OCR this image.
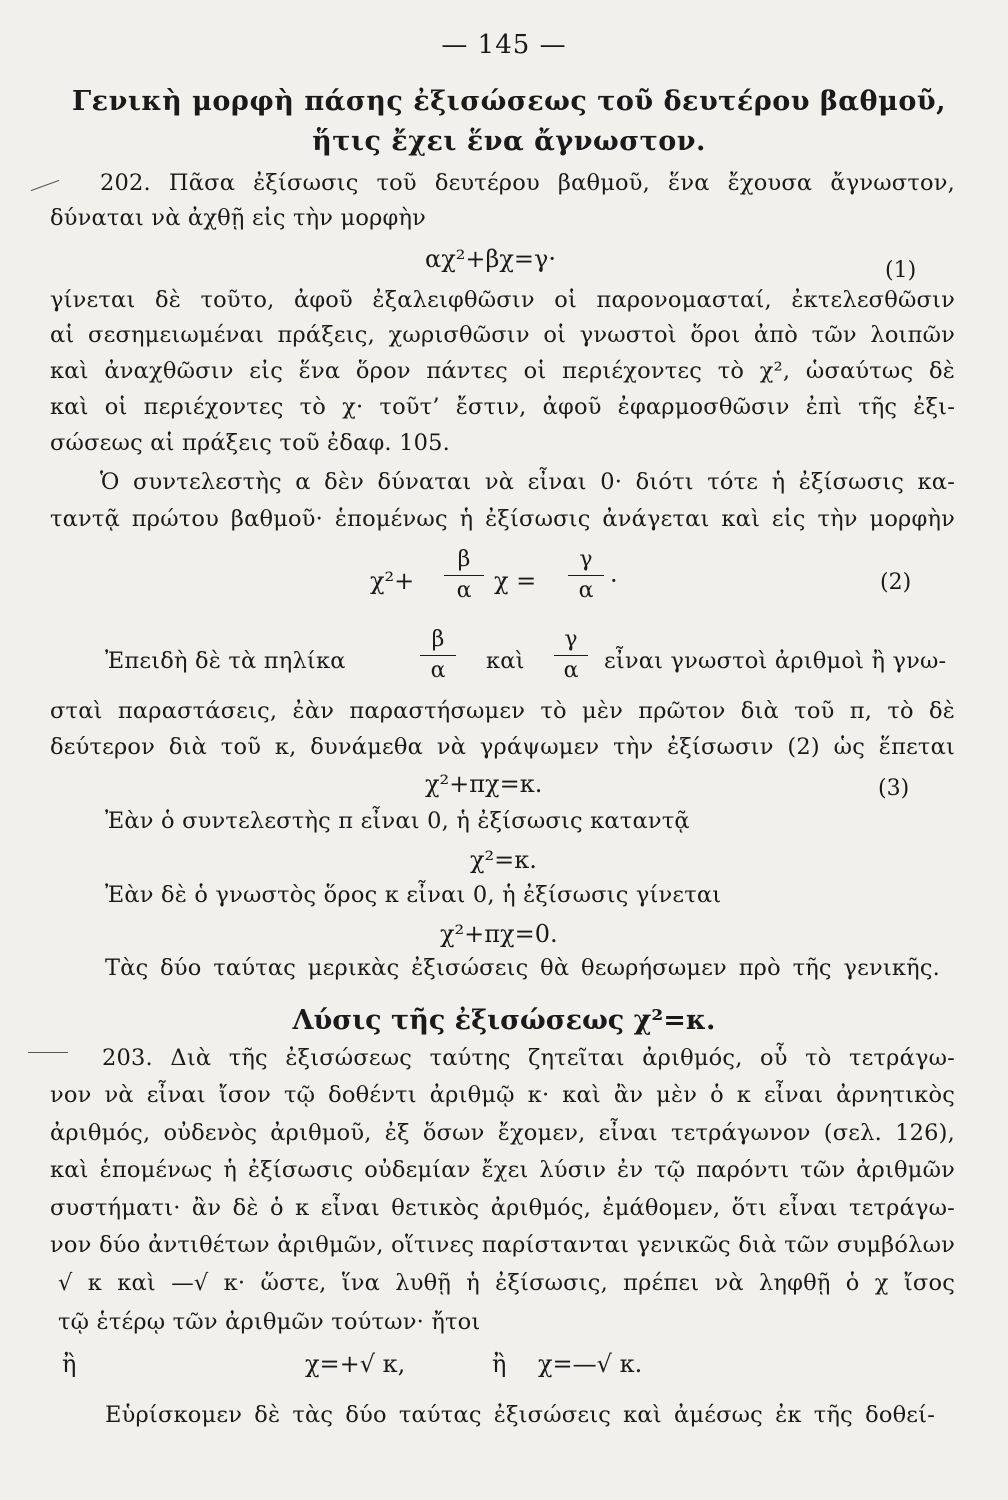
— 145 —
Γενικὴ μορφὴ πάσης ἐξισώσεως τοῦ δευτέρου βαθμοῦ,
ἥτις ἔχει ἕνα ἄγνωστον.
202. Πᾶσα ἐξίσωσις τοῦ δευτέρου βαθμοῦ, ἕνα ἔχουσα ἄγνωστον,
δύναται νὰ ἀχθῇ εἰς τὴν μορφὴν
αχ²+βχ=γ·	(1)
γίνεται δὲ τοῦτο, ἀφοῦ ἐξαλειφθῶσιν οἱ παρονομασταί, ἐκτελεσθῶσιν
αἱ σεσημειωμέναι πράξεις, χωρισθῶσιν οἱ γνωστοὶ ὅροι ἀπὸ τῶν λοιπῶν
καὶ ἀναχθῶσιν εἰς ἕνα ὅρον πάντες οἱ περιέχοντες τὸ χ², ὡσαύτως δὲ
καὶ οἱ περιέχοντες τὸ χ· τοῦτ’ ἔστιν, ἀφοῦ ἐφαρμοσθῶσιν ἐπὶ τῆς ἐξι-
σώσεως αἱ πράξεις τοῦ ἐδαφ. 105.
Ὁ συντελεστὴς α δὲν δύναται νὰ εἶναι 0· διότι τότε ἡ ἐξίσωσις κα-
ταντᾷ πρώτου βαθμοῦ· ἑπομένως ἡ ἐξίσωσις ἀνάγεται καὶ εἰς τὴν μορφὴν
χ²+
β
α χ =
γ
α ·	(2)
Ἐπειδὴ δὲ τὰ πηλίκα
β
α	καὶ
γ
α	εἶναι γνωστοὶ ἀριθμοὶ ἢ γνω-
σταὶ παραστάσεις, ἐὰν παραστήσωμεν τὸ μὲν πρῶτον διὰ τοῦ π, τὸ δὲ
δεύτερον διὰ τοῦ κ, δυνάμεθα νὰ γράψωμεν τὴν ἐξίσωσιν (2) ὡς ἕπεται
χ²+πχ=κ.	(3)
Ἐὰν ὁ συντελεστὴς π εἶναι 0, ἡ ἐξίσωσις καταντᾷ
χ²=κ.
Ἐὰν δὲ ὁ γνωστὸς ὅρος κ εἶναι 0, ἡ ἐξίσωσις γίνεται
χ²+πχ=0.
Τὰς δύο ταύτας μερικὰς ἐξισώσεις θὰ θεωρήσωμεν πρὸ τῆς γενικῆς.
Λύσις τῆς ἐξισώσεως χ²=κ.
203. Διὰ τῆς ἐξισώσεως ταύτης ζητεῖται ἀριθμός, οὗ τὸ τετράγω-
νον νὰ εἶναι ἴσον τῷ δοθέντι ἀριθμῷ κ· καὶ ἂν μὲν ὁ κ εἶναι ἀρνητικὸς
ἀριθμός, οὐδενὸς ἀριθμοῦ, ἐξ ὅσων ἔχομεν, εἶναι τετράγωνον (σελ. 126),
καὶ ἑπομένως ἡ ἐξίσωσις οὐδεμίαν ἔχει λύσιν ἐν τῷ παρόντι τῶν ἀριθμῶν
συστήματι· ἂν δὲ ὁ κ εἶναι θετικὸς ἀριθμός, ἐμάθομεν, ὅτι εἶναι τετράγω-
νον δύο ἀντιθέτων ἀριθμῶν, οἵτινες παρίστανται γενικῶς διὰ τῶν συμβόλων
√ κ καὶ —√ κ· ὥστε, ἵνα λυθῇ ἡ ἐξίσωσις, πρέπει νὰ ληφθῇ ὁ χ ἴσος
τῷ ἑτέρῳ τῶν ἀριθμῶν τούτων· ἤτοι
ἢ	χ=+√ κ,	ἢ χ=—√ κ.
Εὑρίσκομεν δὲ τὰς δύο ταύτας ἐξισώσεις καὶ ἀμέσως ἐκ τῆς δοθεί-
